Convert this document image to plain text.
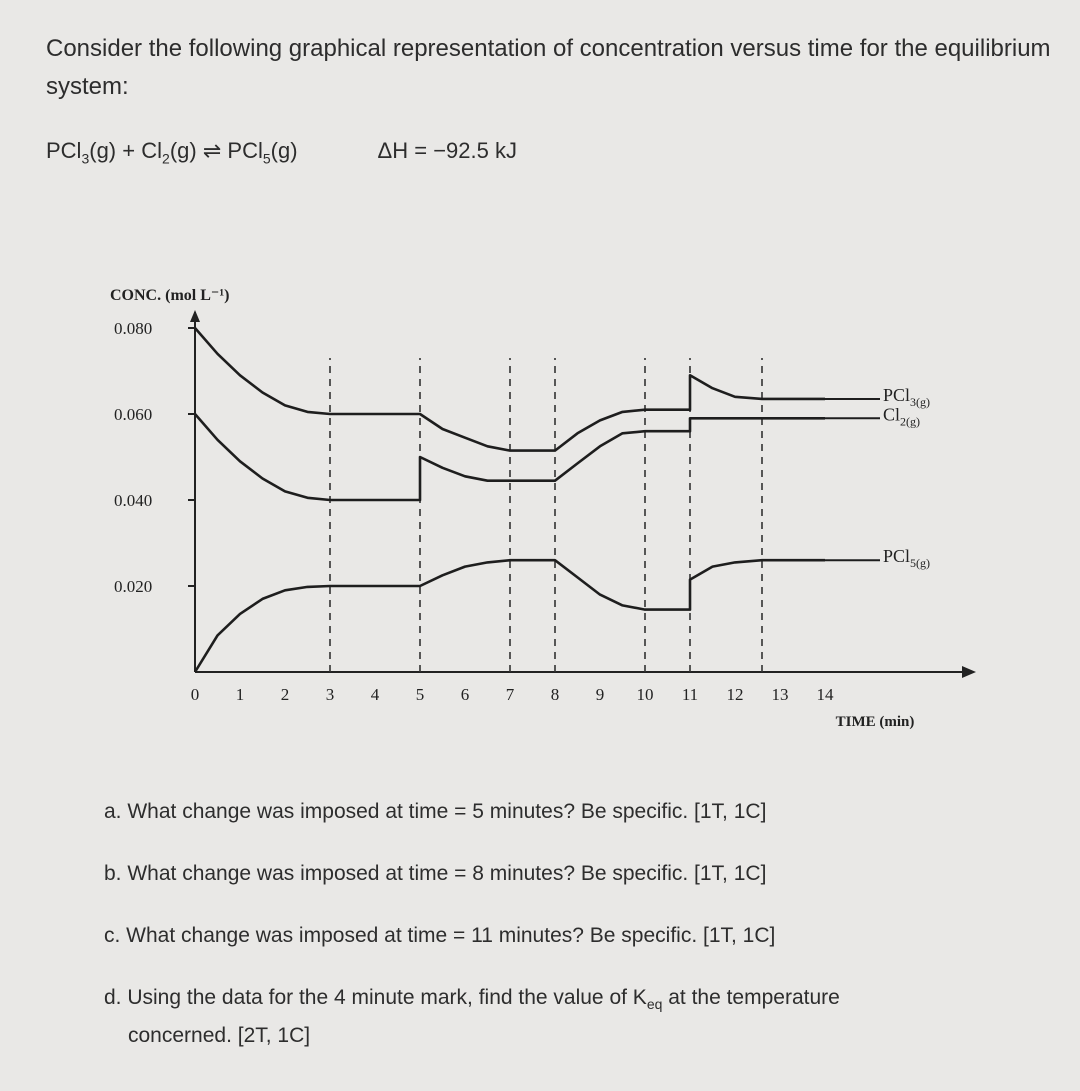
Consider the following graphical representation of concentration versus time for the equilibrium system:

$PCl_3(g) + Cl_2(g)$ ⇌ PCl$_5$(g)	ΔH = −92.5 kJ
CONC. (mol L⁻¹)
0.020
0.040
0.060
0.080
0 1 2 3 4 5 6 7 8 9 10 11 12 13 14
TIME (min)
PCl$_{3(g)}$
$Cl_{2(g)}$
PCl$_{5(g)}$
a. What change was imposed at time = 5 minutes? Be specific. [1T, 1C]
b. What change was imposed at time = 8 minutes? Be specific. [1T, 1C]
c. What change was imposed at time = 11 minutes? Be specific. [1T, 1C]
d. Using the data for the 4 minute mark, find the value of $K_{eq}$ at the temperature
concerned. [2T, 1C]
